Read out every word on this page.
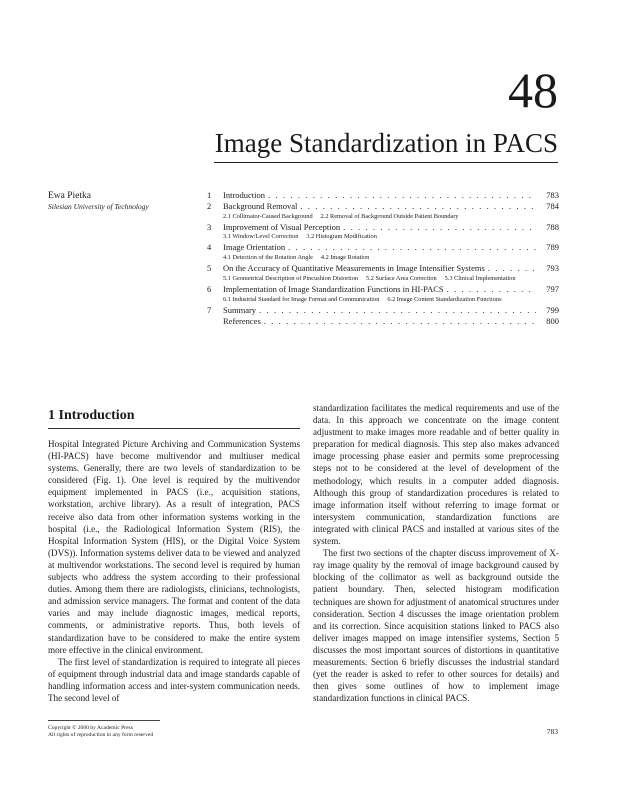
48
Image Standardization in PACS
Ewa Pietka
Silesian University of Technology
1	Introduction . . .	783
2	Background Removal . . .	784
2.1 Collimator-Caused Background 2.2 Removal of Background Outside Patient Boundary
3	Improvement of Visual Perception . . .	788
3.1 Window/Level Correction 3.2 Histogram Modification
4	Image Orientation . . .	789
4.1 Detection of the Rotation Angle 4.2 Image Rotation
5	On the Accuracy of Quantitative Measurements in Image Intensifier Systems . . .	793
5.1 Geometrical Description of Pincushion Distortion 5.2 Surface Area Correction 5.3 Clinical Implementation
6	Implementation of Image Standardization Functions in HI-PACS . . .	797
6.1 Industrial Standard for Image Format and Communication 6.2 Image Content Standardization Functions
7	Summary . . .	799
References . . .	800
1 Introduction

Hospital Integrated Picture Archiving and Communication Systems (HI-PACS) have become multivendor and multiuser medical systems. Generally, there are two levels of standardization to be considered (Fig. 1). One level is required by the multivendor equipment implemented in PACS (i.e., acquisition stations, workstation, archive library). As a result of integration, PACS receive also data from other information systems working in the hospital (i.e., the Radiological Information System (RIS), the Hospital Information System (HIS), or the Digital Voice System (DVS)). Information systems deliver data to be viewed and analyzed at multivendor workstations. The second level is required by human subjects who address the system according to their professional duties. Among them there are radiologists, clinicians, technologists, and admission service managers. The format and content of the data varies and may include diagnostic images, medical reports, comments, or administrative reports. Thus, both levels of standardization have to be considered to make the entire system more effective in the clinical environment.

The first level of standardization is required to integrate all pieces of equipment through industrial data and image standards capable of handling information access and inter-system communication needs. The second level of

standardization facilitates the medical requirements and use of the data. In this approach we concentrate on the image content adjustment to make images more readable and of better quality in preparation for medical diagnosis. This step also makes advanced image processing phase easier and permits some preprocessing steps not to be considered at the level of development of the methodology, which results in a computer added diagnosis. Although this group of standardization procedures is related to image information itself without referring to image format or intersystem communication, standardization functions are integrated with clinical PACS and installed at various sites of the system.

The first two sections of the chapter discuss improvement of X-ray image quality by the removal of image background caused by blocking of the collimator as well as background outside the patient boundary. Then, selected histogram modification techniques are shown for adjustment of anatomical structures under consideration. Section 4 discusses the image orientation problem and its correction. Since acquisition stations linked to PACS also deliver images mapped on image intensifier systems, Section 5 discusses the most important sources of distortions in quantitative measurements. Section 6 briefly discusses the industrial standard (yet the reader is asked to refer to other sources for details) and then gives some outlines of how to implement image standardization functions in clinical PACS.

Copyright © 2000 by Academic Press
All rights of reproduction in any form reserved	783
